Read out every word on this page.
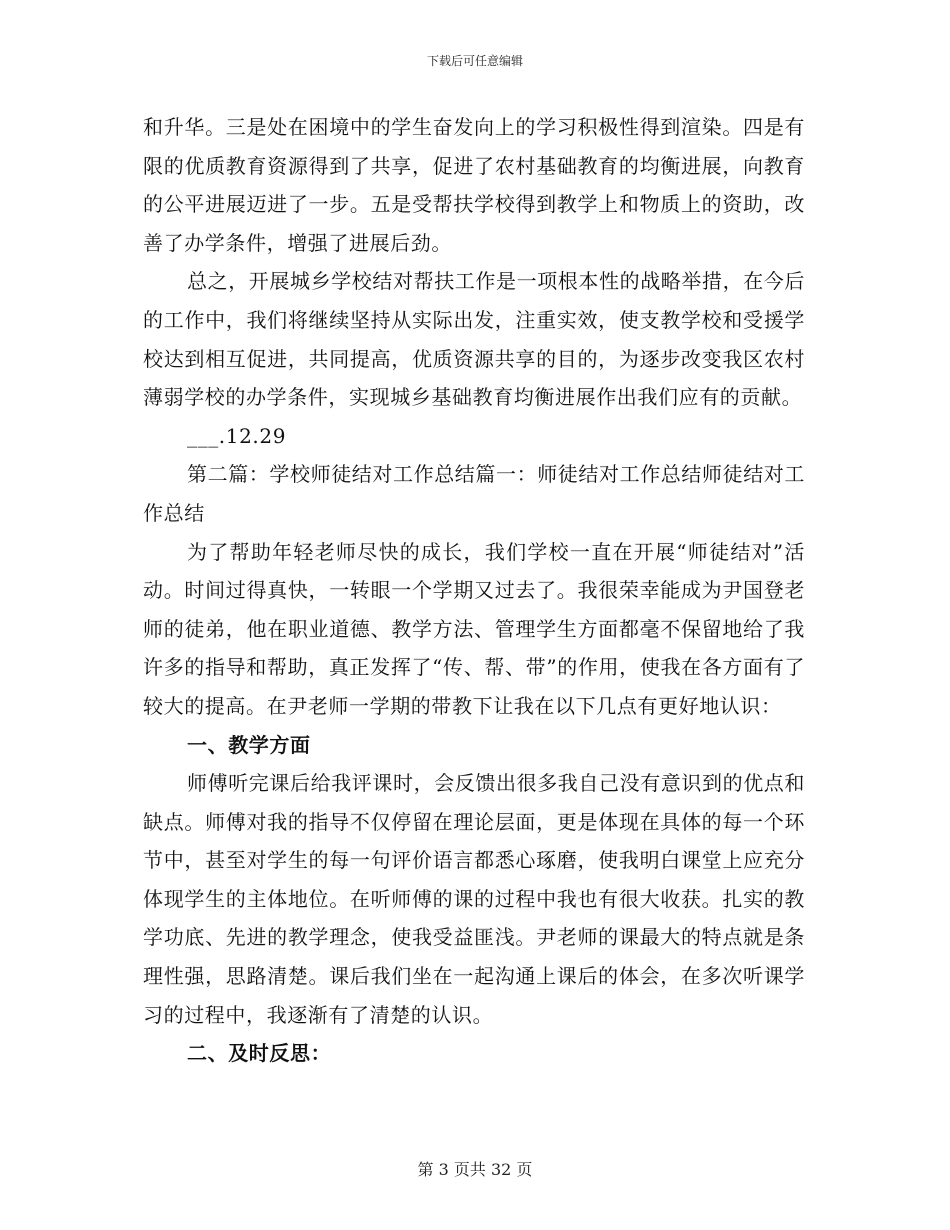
下载后可任意编辑

和升华。三是处在困境中的学生奋发向上的学习积极性得到渲染。四是有限的优质教育资源得到了共享，促进了农村基础教育的均衡进展，向教育的公平进展迈进了一步。五是受帮扶学校得到教学上和物质上的资助，改善了办学条件，增强了进展后劲。

总之，开展城乡学校结对帮扶工作是一项根本性的战略举措，在今后的工作中，我们将继续坚持从实际出发，注重实效，使支教学校和受援学校达到相互促进，共同提高，优质资源共享的目的，为逐步改变我区农村薄弱学校的办学条件，实现城乡基础教育均衡进展作出我们应有的贡献。

___.12.29

第二篇：学校师徒结对工作总结篇一：师徒结对工作总结师徒结对工作总结

为了帮助年轻老师尽快的成长，我们学校一直在开展“师徒结对”活动。时间过得真快，一转眼一个学期又过去了。我很荣幸能成为尹国登老师的徒弟，他在职业道德、教学方法、管理学生方面都毫不保留地给了我许多的指导和帮助，真正发挥了“传、帮、带”的作用，使我在各方面有了较大的提高。在尹老师一学期的带教下让我在以下几点有更好地认识：

一、教学方面

师傅听完课后给我评课时，会反馈出很多我自己没有意识到的优点和缺点。师傅对我的指导不仅停留在理论层面，更是体现在具体的每一个环节中，甚至对学生的每一句评价语言都悉心琢磨，使我明白课堂上应充分体现学生的主体地位。在听师傅的课的过程中我也有很大收获。扎实的教学功底、先进的教学理念，使我受益匪浅。尹老师的课最大的特点就是条理性强，思路清楚。课后我们坐在一起沟通上课后的体会，在多次听课学习的过程中，我逐渐有了清楚的认识。

二、及时反思：

第 3 页共 32 页
